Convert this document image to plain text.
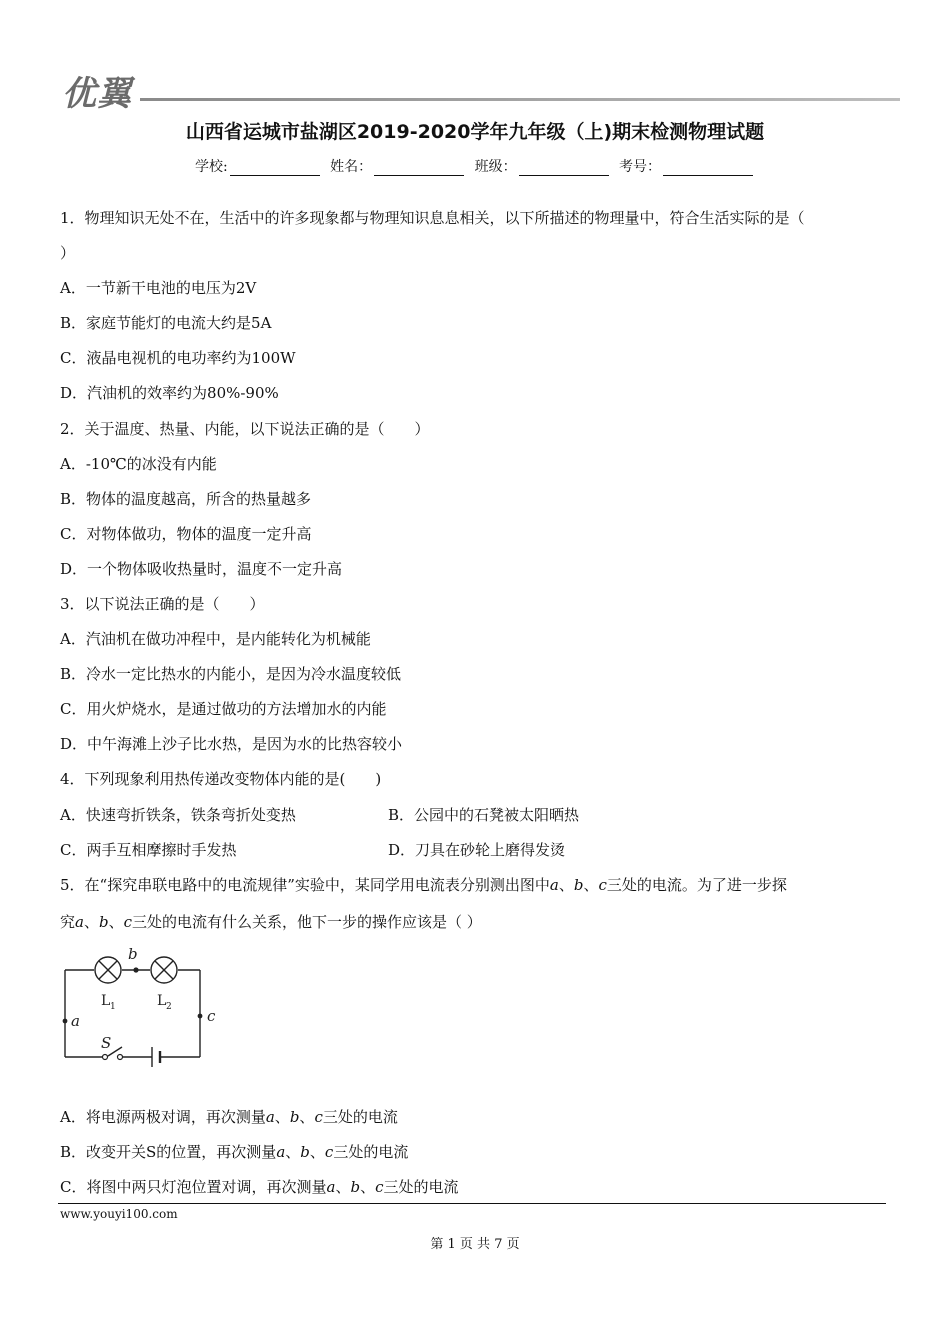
优翼
山西省运城市盐湖区2019-2020学年九年级（上)期末检测物理试题
学校:	姓名：	班级：	考号：
1．物理知识无处不在，生活中的许多现象都与物理知识息息相关，以下所描述的物理量中，符合生活实际的是（
）
A．一节新干电池的电压为2V
B．家庭节能灯的电流大约是5A
C．液晶电视机的电功率约为100W
D．汽油机的效率约为80%-90%
2．关于温度、热量、内能，以下说法正确的是（　　）
A．-10℃的冰没有内能
B．物体的温度越高，所含的热量越多
C．对物体做功，物体的温度一定升高
D．一个物体吸收热量时，温度不一定升高
3．以下说法正确的是（　　）
A．汽油机在做功冲程中，是内能转化为机械能
B．冷水一定比热水的内能小，是因为冷水温度较低
C．用火炉烧水，是通过做功的方法增加水的内能
D．中午海滩上沙子比水热，是因为水的比热容较小
4．下列现象利用热传递改变物体内能的是(　　)
A．快速弯折铁条，铁条弯折处变热	B．公园中的石凳被太阳晒热
C．两手互相摩擦时手发热	D．刀具在砂轮上磨得发烫
5．在“探究串联电路中的电流规律”实验中，某同学用电流表分别测出图中a、b、c三处的电流。为了进一步探
究a、b、c三处的电流有什么关系，他下一步的操作应该是（ ）
b
a	c
L 1	L 2
S
A．将电源两极对调，再次测量a、b、c三处的电流
B．改变开关S的位置，再次测量a、b、c三处的电流
C．将图中两只灯泡位置对调，再次测量a、b、c三处的电流
www.youyi100.com
第 1 页 共 7 页
